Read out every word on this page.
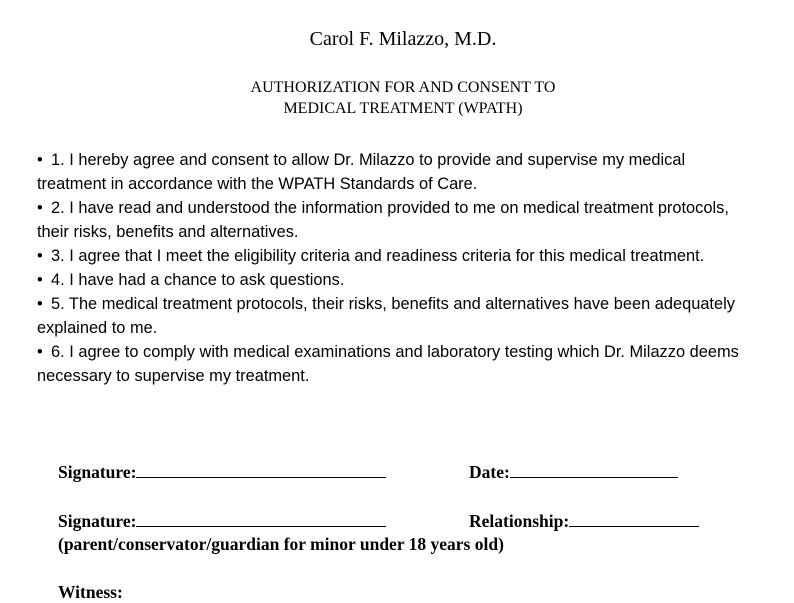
Carol F. Milazzo, M.D.
AUTHORIZATION FOR AND CONSENT TO
MEDICAL TREATMENT (WPATH)
• 1. I hereby agree and consent to allow Dr. Milazzo to provide and supervise my medical treatment in accordance with the WPATH Standards of Care.
• 2. I have read and understood the information provided to me on medical treatment protocols, their risks, benefits and alternatives.
• 3. I agree that I meet the eligibility criteria and readiness criteria for this medical treatment.
• 4. I have had a chance to ask questions.
• 5. The medical treatment protocols, their risks, benefits and alternatives have been adequately explained to me.
• 6. I agree to comply with medical examinations and laboratory testing which Dr. Milazzo deems necessary to supervise my treatment.
Signature:	Date:
Signature:	Relationship:
(parent/conservator/guardian for minor under 18 years old)
Witness:
